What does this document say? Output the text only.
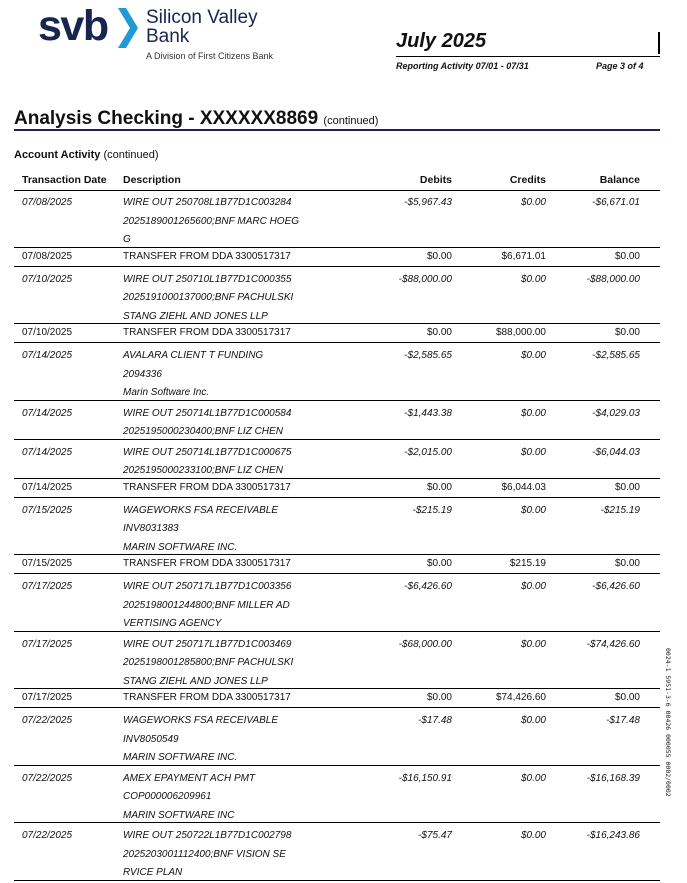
svb Silicon Valley
Bank
A Division of First Citizens Bank
July 2025
Reporting Activity 07/01 - 07/31	Page 3 of 4
Analysis Checking - XXXXXX8869 (continued)
Account Activity (continued)
Transaction Date Description	Debits	Credits	Balance
07/08/2025	WIRE OUT 250708L1B77D1C003284
2025189001265600;BNF MARC HOEG
G
-$5,967.43	$0.00	-$6,671.01
07/08/2025	TRANSFER FROM DDA 3300517317	$0.00	$6,671.01	$0.00
07/10/2025	WIRE OUT 250710L1B77D1C000355
2025191000137000;BNF PACHULSKI
STANG ZIEHL AND JONES LLP
-$88,000.00	$0.00	-$88,000.00
07/10/2025	TRANSFER FROM DDA 3300517317	$0.00	$88,000.00	$0.00
07/14/2025	AVALARA CLIENT T FUNDING
2094336
Marin Software Inc.
-$2,585.65	$0.00	-$2,585.65
07/14/2025	WIRE OUT 250714L1B77D1C000584
2025195000230400;BNF LIZ CHEN
-$1,443.38	$0.00	-$4,029.03
07/14/2025	WIRE OUT 250714L1B77D1C000675
2025195000233100;BNF LIZ CHEN
-$2,015.00	$0.00	-$6,044.03
07/14/2025	TRANSFER FROM DDA 3300517317	$0.00	$6,044.03	$0.00
07/15/2025	WAGEWORKS FSA RECEIVABLE
INV8031383
MARIN SOFTWARE INC.
-$215.19	$0.00	-$215.19
07/15/2025	TRANSFER FROM DDA 3300517317	$0.00	$215.19	$0.00
07/17/2025	WIRE OUT 250717L1B77D1C003356
2025198001244800;BNF MILLER AD
VERTISING AGENCY
-$6,426.60	$0.00	-$6,426.60
07/17/2025	WIRE OUT 250717L1B77D1C003469
2025198001285800;BNF PACHULSKI
STANG ZIEHL AND JONES LLP
-$68,000.00	$0.00	-$74,426.60
07/17/2025	TRANSFER FROM DDA 3300517317	$0.00	$74,426.60	$0.00
07/22/2025	WAGEWORKS FSA RECEIVABLE
INV8050549
MARIN SOFTWARE INC.
-$17.48	$0.00	-$17.48
07/22/2025	AMEX EPAYMENT ACH PMT
COP000006209961
MARIN SOFTWARE INC
-$16,150.91	$0.00	-$16,168.39
07/22/2025	WIRE OUT 250722L1B77D1C002798
2025203001112400;BNF VISION SE
RVICE PLAN
-$75.47	$0.00	-$16,243.86
0024-1 5951-3-6 00426 000055 0002/0002
